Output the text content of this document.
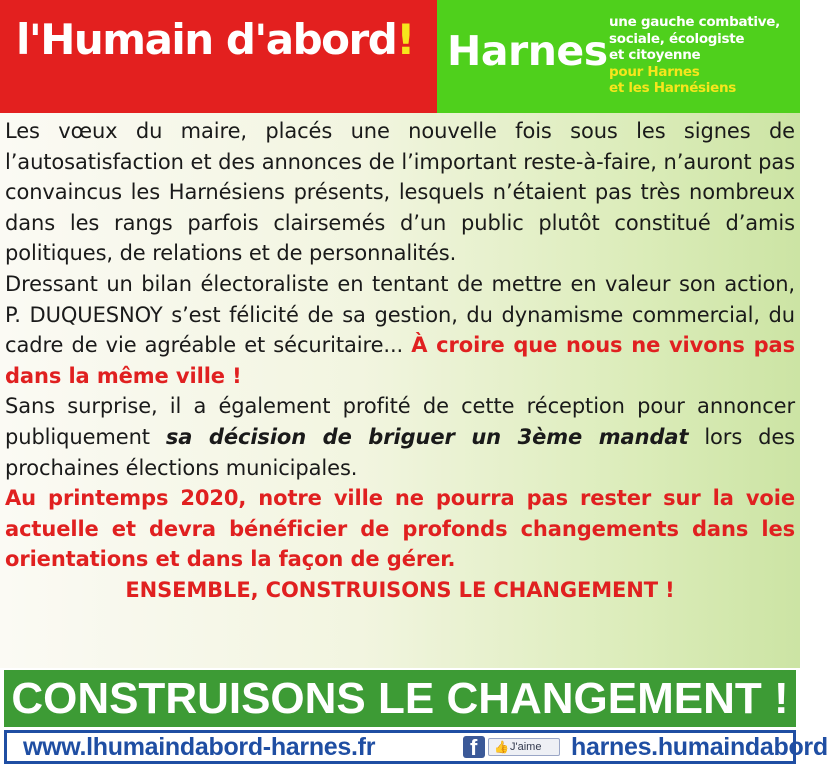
l'Humain d'abord! Harnes
une gauche combative,
sociale, écologiste
et citoyenne
pour Harnes
et les Harnésiens

Les vœux du maire, placés une nouvelle fois sous les signes de l’autosatisfaction et des annonces de l’important reste-à-faire, n’auront pas convaincus les Harnésiens présents, lesquels n’étaient pas très nombreux dans les rangs parfois clairsemés d’un public plutôt constitué d’amis politiques, de relations et de personnalités.

Dressant un bilan électoraliste en tentant de mettre en valeur son action, P. DUQUESNOY s’est félicité de sa gestion, du dynamisme commercial, du cadre de vie agréable et sécuritaire... À croire que nous ne vivons pas dans la même ville !

Sans surprise, il a également profité de cette réception pour annoncer publiquement sa décision de briguer un 3ème mandat lors des prochaines élections municipales.

Au printemps 2020, notre ville ne pourra pas rester sur la voie actuelle et devra bénéficier de profonds changements dans les orientations et dans la façon de gérer.

ENSEMBLE, CONSTRUISONS LE CHANGEMENT !

CONSTRUISONS LE CHANGEMENT !
www.lhumaindabord-harnes.fr	f 👍 J'aime harnes.humaindabord
